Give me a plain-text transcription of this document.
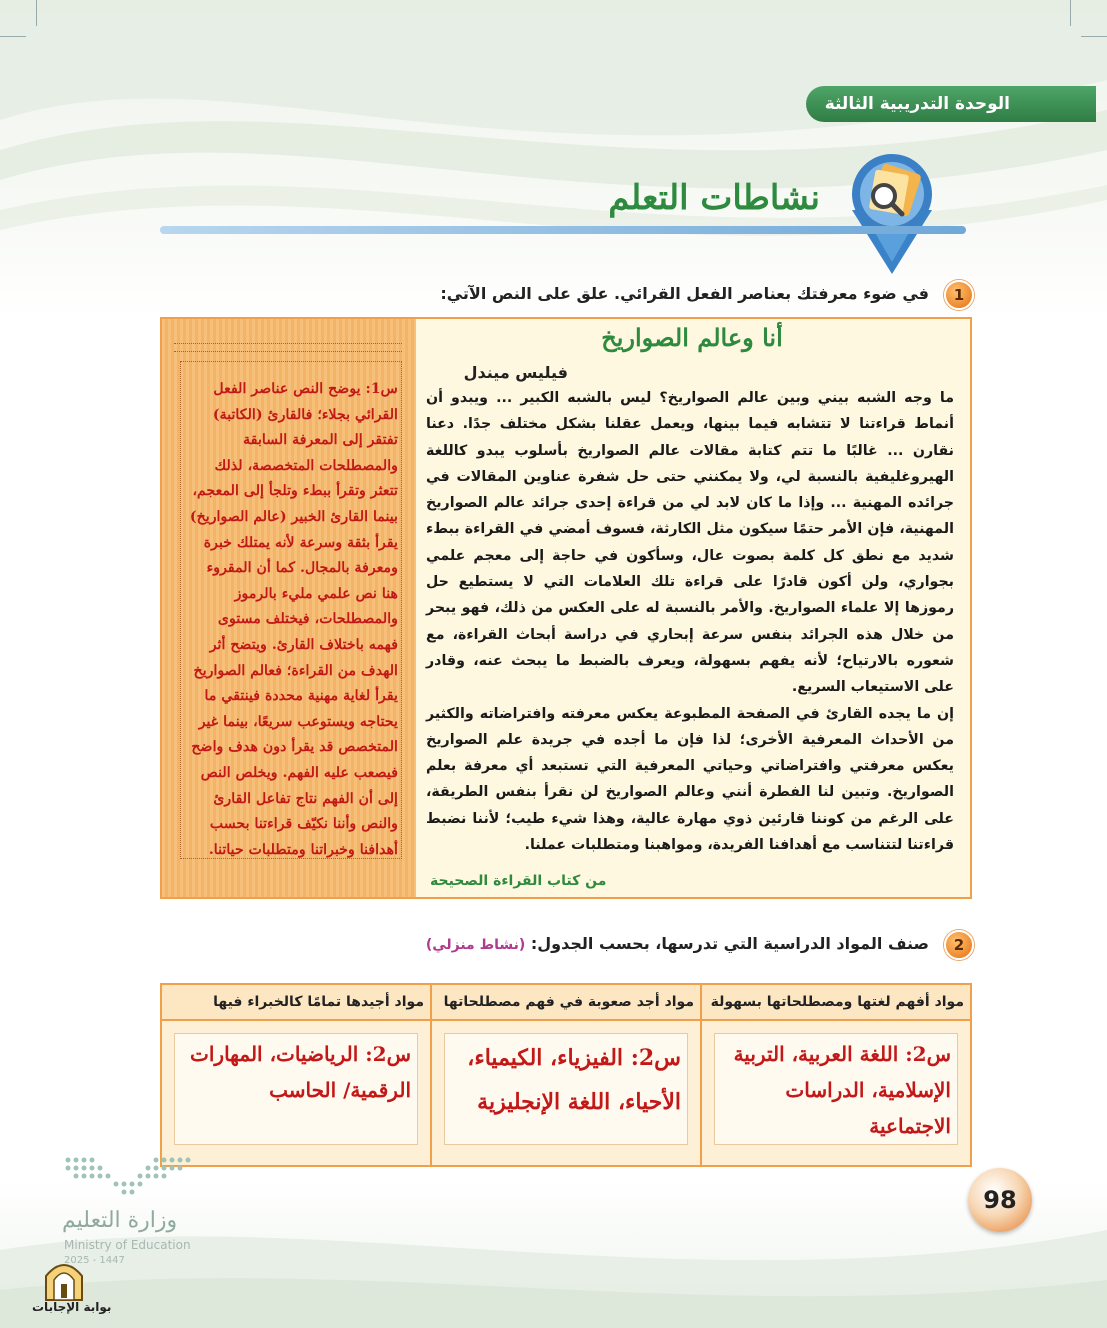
الوحدة التدريبية الثالثة
نشاطات التعلم
1
في ضوء معرفتك بعناصر الفعل القرائي. علق على النص الآتي:
أنا وعالم الصواريخ
فيليس ميندل

ما وجه الشبه بيني وبين عالم الصواريخ؟ ليس بالشبه الكبير ... ويبدو أن أنماط قراءتنا لا تتشابه فيما بينها، ويعمل عقلنا بشكل مختلف جدًا. دعنا نقارن ... غالبًا ما تتم كتابة مقالات عالم الصواريخ بأسلوب يبدو كاللغة الهيروغليفية بالنسبة لي، ولا يمكنني حتى حل شفرة عناوين المقالات في جرائده المهنية ... وإذا ما كان لابد لي من قراءة إحدى جرائد عالم الصواريخ المهنية، فإن الأمر حتمًا سيكون مثل الكارثة، فسوف أمضي في القراءة ببطء شديد مع نطق كل كلمة بصوت عال، وسأكون في حاجة إلى معجم علمي بجواري، ولن أكون قادرًا على قراءة تلك العلامات التي لا يستطيع حل رموزها إلا علماء الصواريخ. والأمر بالنسبة له على العكس من ذلك، فهو يبحر من خلال هذه الجرائد بنفس سرعة إبحاري في دراسة أبحاث القراءة، مع شعوره بالارتياح؛ لأنه يفهم بسهولة، ويعرف بالضبط ما يبحث عنه، وقادر على الاستيعاب السريع.

إن ما يجده القارئ في الصفحة المطبوعة يعكس معرفته وافتراضاته والكثير من الأحداث المعرفية الأخرى؛ لذا فإن ما أجده في جريدة علم الصواريخ يعكس معرفتي وافتراضاتي وحياتي المعرفية التي تستبعد أي معرفة بعلم الصواريخ. وتبين لنا الفطرة أنني وعالم الصواريخ لن نقرأ بنفس الطريقة، على الرغم من كوننا قارئين ذوي مهارة عالية، وهذا شيء طيب؛ لأننا نضبط قراءتنا لتتناسب مع أهدافنا الفريدة، ومواهبنا ومتطلبات عملنا.

من كتاب القراءة الصحيحة
س1: يوضح النص عناصر الفعل القرائي بجلاء؛ فالقارئ (الكاتبة) تفتقر إلى المعرفة السابقة والمصطلحات المتخصصة، لذلك تتعثر وتقرأ ببطء وتلجأ إلى المعجم، بينما القارئ الخبير (عالم الصواريخ) يقرأ بثقة وسرعة لأنه يمتلك خبرة ومعرفة بالمجال. كما أن المقروء هنا نص علمي مليء بالرموز والمصطلحات، فيختلف مستوى فهمه باختلاف القارئ. ويتضح أثر الهدف من القراءة؛ فعالم الصواريخ يقرأ لغاية مهنية محددة فينتقي ما يحتاجه ويستوعب سريعًا، بينما غير المتخصص قد يقرأ دون هدف واضح فيصعب عليه الفهم. ويخلص النص إلى أن الفهم نتاج تفاعل القارئ والنص وأننا نكيّف قراءتنا بحسب أهدافنا وخبراتنا ومتطلبات حياتنا.
2
صنف المواد الدراسية التي تدرسها، بحسب الجدول: (نشاط منزلي)
مواد أفهم لغتها ومصطلحاتها بسهولة	مواد أجد صعوبة في فهم مصطلحاتها	مواد أجيدها تمامًا كالخبراء فيها

س2: اللغة العربية، التربية الإسلامية، الدراسات الاجتماعية	س2: الفيزياء، الكيمياء، الأحياء، اللغة الإنجليزية	س2: الرياضيات، المهارات الرقمية/ الحاسب
98
وزارة التعليم
Ministry of Education
2025 - 1447
بوابة الإجابات
